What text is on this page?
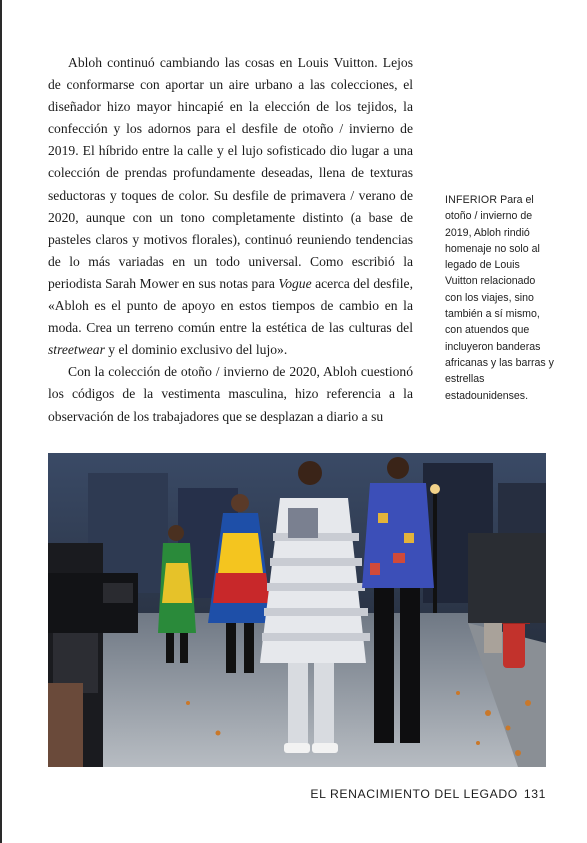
Abloh continuó cambiando las cosas en Louis Vuitton. Lejos de conformarse con aportar un aire urbano a las colecciones, el diseñador hizo mayor hincapié en la elección de los tejidos, la confección y los adornos para el desfile de otoño / invierno de 2019. El híbrido entre la calle y el lujo sofisticado dio lugar a una colección de prendas profundamente deseadas, llena de texturas seductoras y toques de color. Su desfile de primavera / verano de 2020, aunque con un tono completamente distinto (a base de pasteles claros y motivos florales), continuó reuniendo tendencias de lo más variadas en un todo universal. Como escribió la periodista Sarah Mower en sus notas para Vogue acerca del desfile, «Abloh es el punto de apoyo en estos tiempos de cambio en la moda. Crea un terreno común entre la estética de las culturas del streetwear y el dominio exclusivo del lujo».

Con la colección de otoño / invierno de 2020, Abloh cuestionó los códigos de la vestimenta masculina, hizo referencia a la observación de los trabajadores que se desplazan a diario a su

INFERIOR Para el otoño / invierno de 2019, Abloh rindió homenaje no solo al legado de Louis Vuitton relacionado con los viajes, sino también a sí mismo, con atuendos que incluyeron banderas africanas y las barras y estrellas estadounidenses.
EL RENACIMIENTO DEL LEGADO 131
